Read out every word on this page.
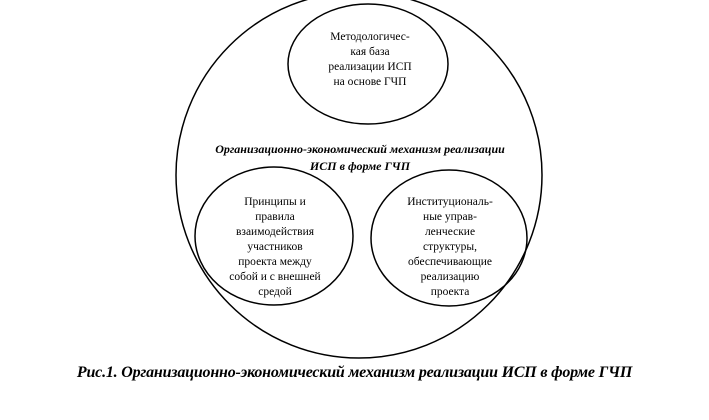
Методологичес-
кая база
реализации ИСП
на основе ГЧП
Организационно-экономический механизм реализации
ИСП в форме ГЧП
Принципы и
правила
взаимодействия
участников
проекта между
собой и с внешней
средой
Институциональ-
ные управ-
ленческие
структуры,
обеспечивающие
реализацию
проекта
Рис.1. Организационно-экономический механизм реализации ИСП в форме ГЧП
